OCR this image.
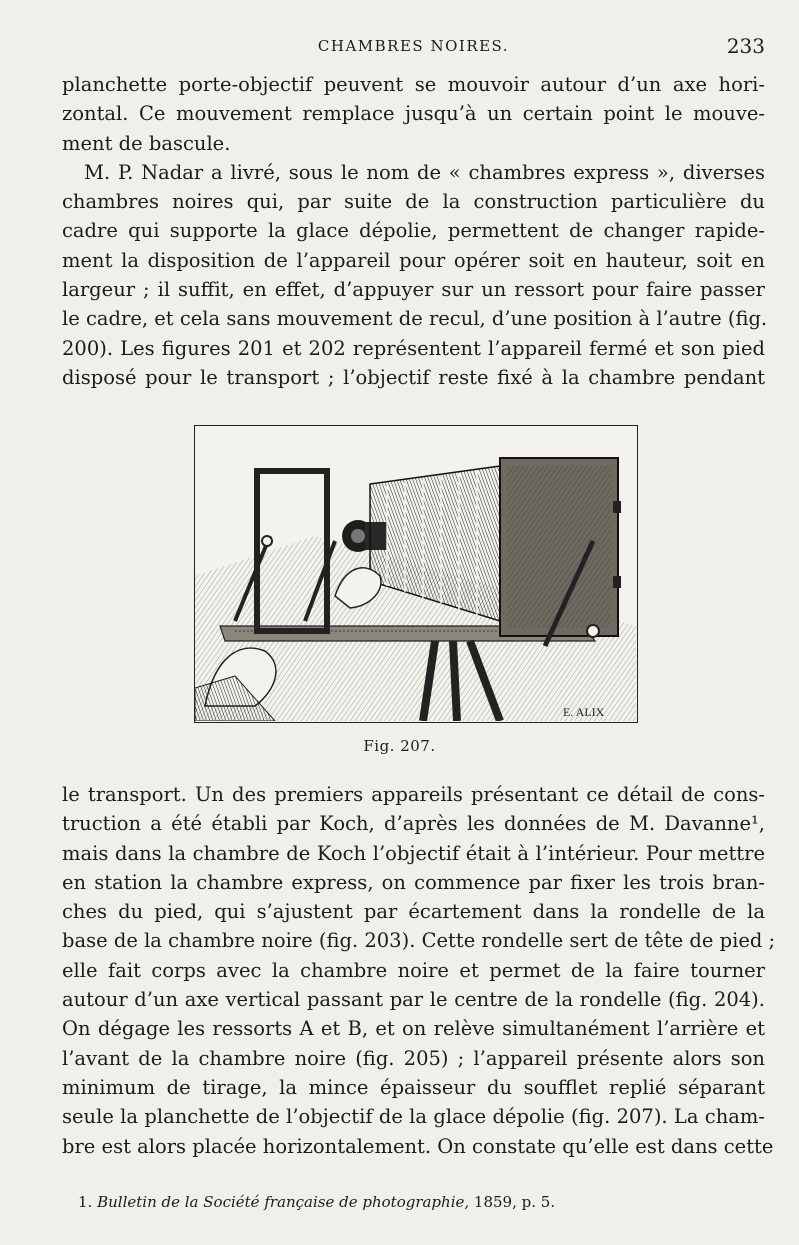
CHAMBRES NOIRES.	233
planchette porte-objectif peuvent se mouvoir autour d’un axe hori-
zontal. Ce mouvement remplace jusqu’à un certain point le mouve-
ment de bascule.
M. P. Nadar a livré, sous le nom de « chambres express », diverses
chambres noires qui, par suite de la construction particulière du
cadre qui supporte la glace dépolie, permettent de changer rapide-
ment la disposition de l’appareil pour opérer soit en hauteur, soit en
largeur ; il suffit, en effet, d’appuyer sur un ressort pour faire passer
le cadre, et cela sans mouvement de recul, d’une position à l’autre (fig.
200). Les figures 201 et 202 représentent l’appareil fermé et son pied
disposé pour le transport ; l’objectif reste fixé à la chambre pendant
E. ALIX
Fig. 207.
le transport. Un des premiers appareils présentant ce détail de cons-
truction a été établi par Koch, d’après les données de M. Davanne¹,
mais dans la chambre de Koch l’objectif était à l’intérieur. Pour mettre
en station la chambre express, on commence par fixer les trois bran-
ches du pied, qui s’ajustent par écartement dans la rondelle de la
base de la chambre noire (fig. 203). Cette rondelle sert de tête de pied ;
elle fait corps avec la chambre noire et permet de la faire tourner
autour d’un axe vertical passant par le centre de la rondelle (fig. 204).
On dégage les ressorts A et B, et on relève simultanément l’arrière et
l’avant de la chambre noire (fig. 205) ; l’appareil présente alors son
minimum de tirage, la mince épaisseur du soufflet replié séparant
seule la planchette de l’objectif de la glace dépolie (fig. 207). La cham-
bre est alors placée horizontalement. On constate qu’elle est dans cette
1. Bulletin de la Société française de photographie, 1859, p. 5.
